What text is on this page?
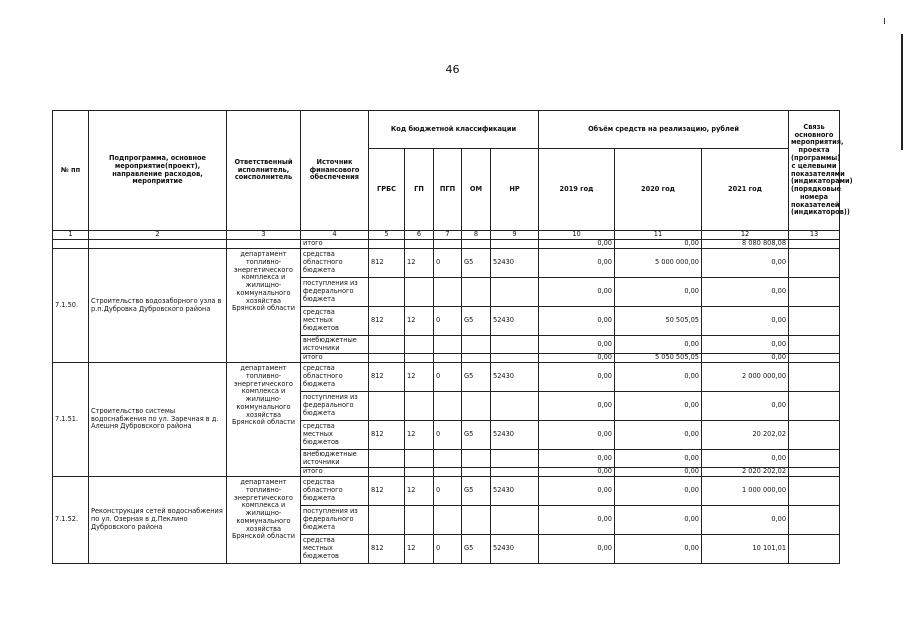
46
№ пп	Подпрограмма, основное мероприятие(проект), направление расходов, мероприятие	Ответственный исполнитель, соисполнитель	Источник финансового обеспечения	Код бюджетной классификации					Объём средств на реализацию, рублей			Связь основного мероприятия, проекта (программы) с целевыми показателями (индикаторами) (порядковые номера показателей (индикаторов))
				ГРБС	ГП	ПГП	ОМ	НР	2019 год	2020 год	2021 год	
1	2	3	4	5	6	7	8	9	10	11	12	13
			итого						0,00	0,00	8 080 808,08	
7.1.50.	Строительство водозаборного узла в р.п.Дубровка Дубровского района	департамент топливно-энергетического комплекса и жилищно-коммунального хозяйства Брянской области	средства областного бюджета	812	12	0	G5	52430	0,00	5 000 000,00	0,00	
			поступления из федерального бюджета						0,00	0,00	0,00	
			средства местных бюджетов	812	12	0	G5	52430	0,00	50 505,05	0,00	
			внебюджетные источники						0,00	0,00	0,00	
			итого						0,00	5 050 505,05	0,00	
7.1.51.	Строительство системы водоснабжения по ул. Заречная в д. Алешня Дубровского района	департамент топливно-энергетического комплекса и жилищно-коммунального хозяйства Брянской области	средства областного бюджета	812	12	0	G5	52430	0,00	0,00	2 000 000,00	
			поступления из федерального бюджета						0,00	0,00	0,00	
			средства местных бюджетов	812	12	0	G5	52430	0,00	0,00	20 202,02	
			внебюджетные источники						0,00	0,00	0,00	
			итого						0,00	0,00	2 020 202,02	
7.1.52.	Реконструкция сетей водоснабжения по ул. Озерная в д.Пеклино Дубровского района	департамент топливно-энергетического комплекса и жилищно-коммунального хозяйства Брянской области	средства областного бюджета	812	12	0	G5	52430	0,00	0,00	1 000 000,00	
			поступления из федерального бюджета						0,00	0,00	0,00	
			средства местных бюджетов	812	12	0	G5	52430	0,00	0,00	10 101,01	
